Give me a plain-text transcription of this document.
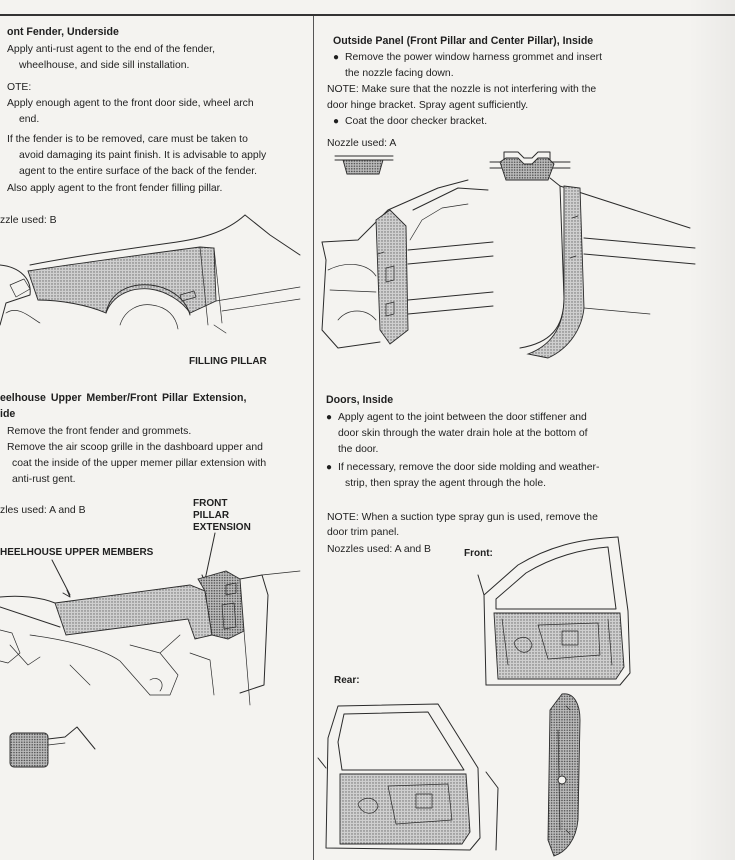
ont Fender, Underside
Apply anti-rust agent to the end of the fender,
wheelhouse, and side sill installation.
OTE:
Apply enough agent to the front door side, wheel arch
end.
If the fender is to be removed, care must be taken to
avoid damaging its paint finish. It is advisable to apply
agent to the entire surface of the back of the fender.
Also apply agent to the front fender filling pillar.
zzle used: B
FILLING PILLAR
eelhouse Upper Member/Front Pillar Extension,
ide
Remove the front fender and grommets.
Remove the air scoop grille in the dashboard upper and
coat the inside of the upper memer pillar extension with
anti-rust gent.
zles used: A and B
FRONT
PILLAR
EXTENSION
HEELHOUSE UPPER MEMBERS
Outside Panel (Front Pillar and Center Pillar), Inside
● Remove the power window harness grommet and insert
the nozzle facing down.
NOTE: Make sure that the nozzle is not interfering with the
door hinge bracket. Spray agent sufficiently.
● Coat the door checker bracket.
Nozzle used: A
Doors, Inside
● Apply agent to the joint between the door stiffener and
door skin through the water drain hole at the bottom of
the door.
● If necessary, remove the door side molding and weather-
strip, then spray the agent through the hole.
NOTE: When a suction type spray gun is used, remove the
door trim panel.
Nozzles used: A and B	Front:
Rear:
